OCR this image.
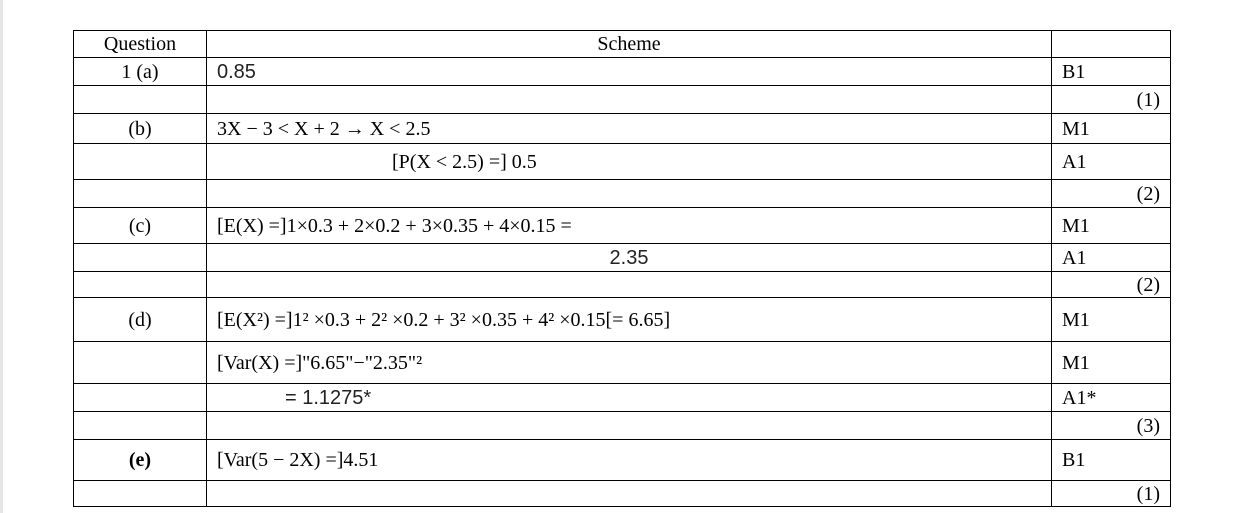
Question	Scheme	
1 (a)	0.85	B1
		(1)
(b)	3X − 3 < X + 2 → X < 2.5	M1
	[P(X < 2.5) =] 0.5	A1
		(2)
(c)	[E(X) =]1×0.3 + 2×0.2 + 3×0.35 + 4×0.15 =	M1
	2.35	A1
		(2)
(d)	[E(X²) =]1² ×0.3 + 2² ×0.2 + 3² ×0.35 + 4² ×0.15[= 6.65]	M1
	[Var(X) =]"6.65"−"2.35"²	M1
	= 1.1275*	A1*
		(3)
(e)	[Var(5 − 2X) =]4.51	B1
		(1)
